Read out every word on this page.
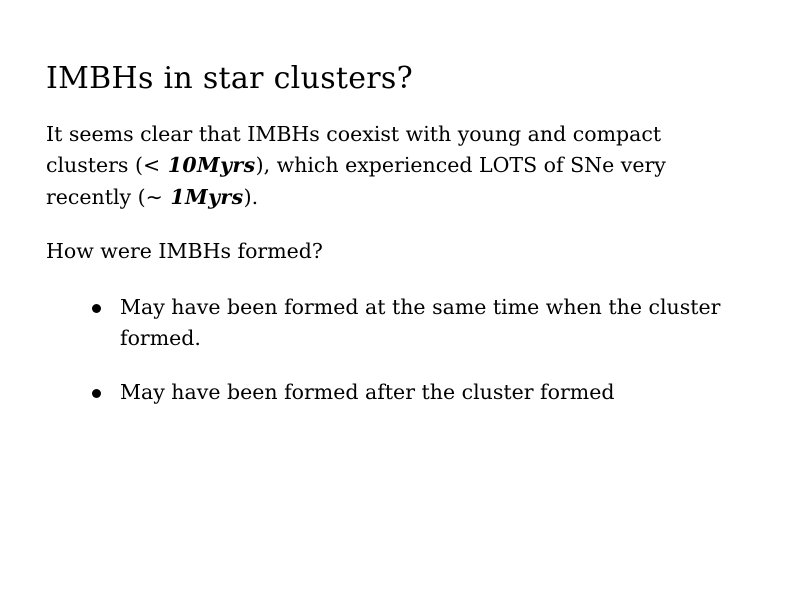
IMBHs in star clusters?

It seems clear that IMBHs coexist with young and compact clusters (< 10Myrs), which experienced LOTS of SNe very recently (∼ 1Myrs).

How were IMBHs formed?

May have been formed at the same time when the cluster formed.
May have been formed after the cluster formed
